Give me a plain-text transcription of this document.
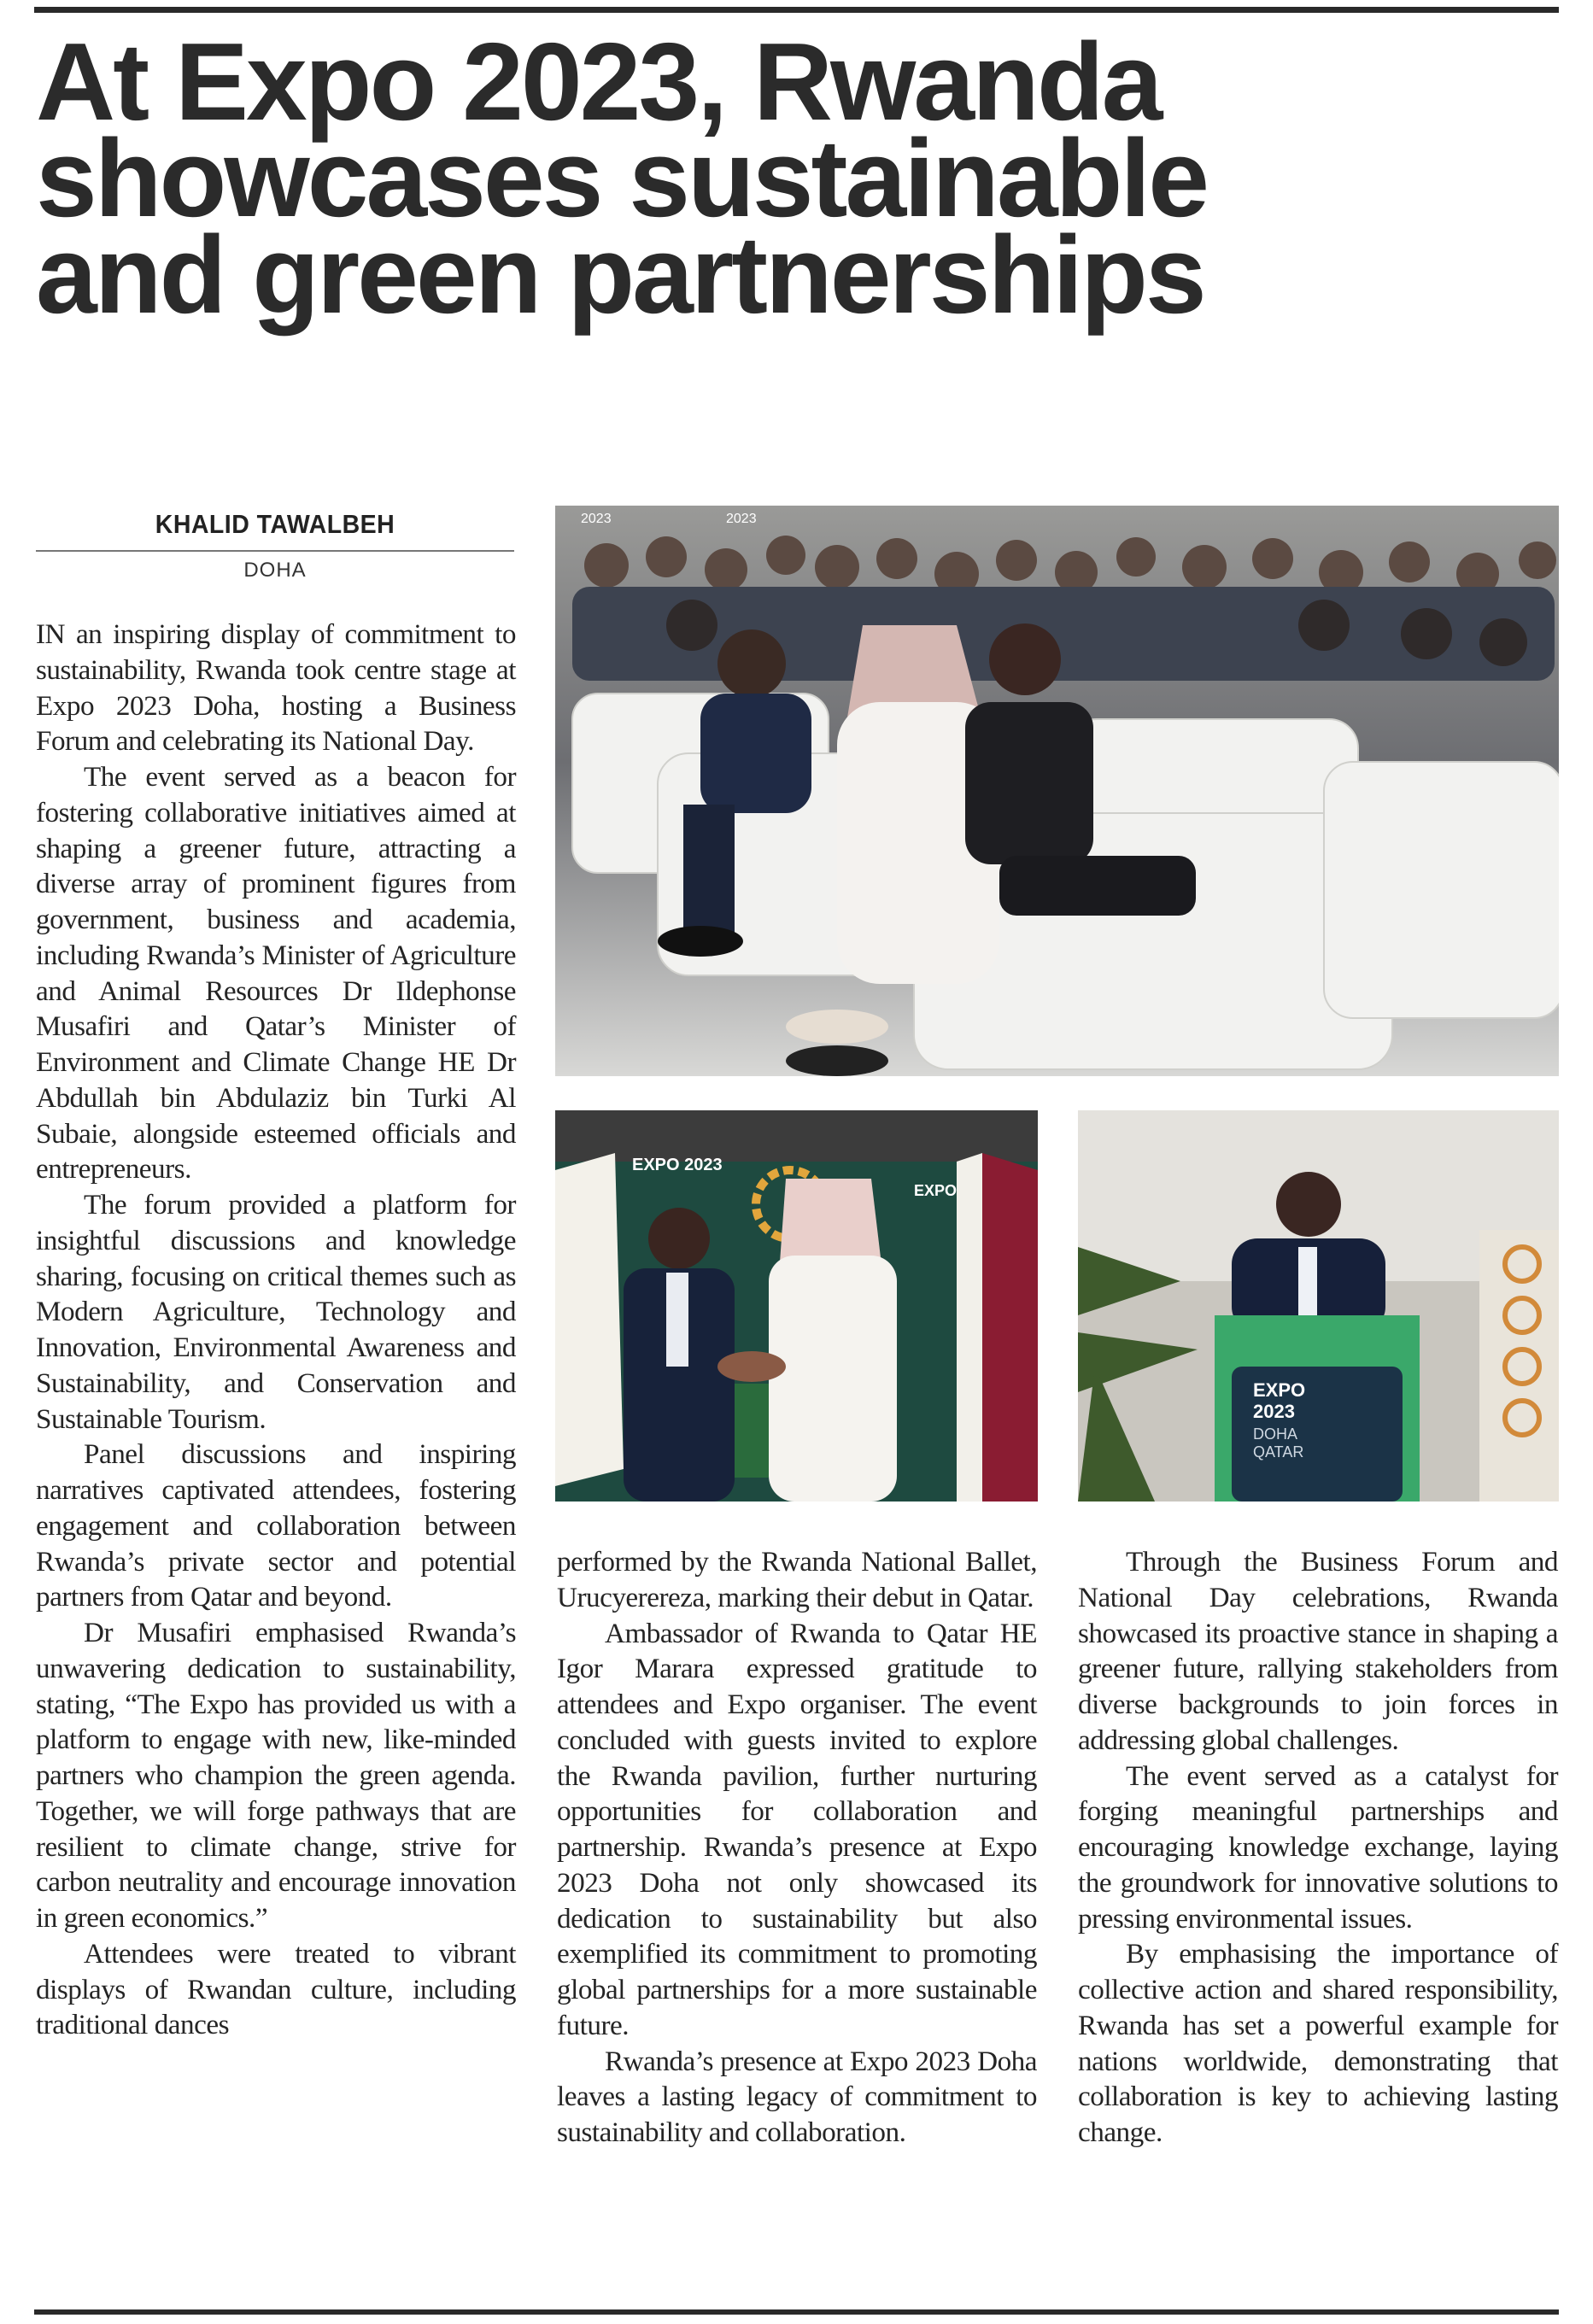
At Expo 2023, Rwanda
showcases sustainable
and green partnerships
KHALID TAWALBEH
DOHA

IN an inspiring display of commitment to sustainability, Rwanda took centre stage at Expo 2023 Doha, hosting a Business Forum and celebrating its National Day.

The event served as a beacon for fostering collaborative initiatives aimed at shaping a greener future, attracting a diverse array of prominent figures from government, business and academia, including Rwanda’s Minister of Agriculture and Animal Resources Dr Ildephonse Musafiri and Qatar’s Minister of Environment and Climate Change HE Dr Abdullah bin Abdulaziz bin Turki Al Subaie, alongside esteemed officials and entrepreneurs.

The forum provided a platform for insightful discussions and knowledge sharing, focusing on critical themes such as Modern Agriculture, Technology and Innovation, Environmental Awareness and Sustainability, and Conservation and Sustainable Tourism.

Panel discussions and inspiring narratives captivated attendees, fostering engagement and collaboration between Rwanda’s private sector and potential partners from Qatar and beyond.

Dr Musafiri emphasised Rwanda’s unwavering dedication to sustainability, stating, “The Expo has provided us with a platform to engage with new, like-minded partners who champion the green agenda. Together, we will forge pathways that are resilient to climate change, strive for carbon neutrality and encourage innovation in green economics.”

Attendees were treated to vibrant displays of Rwandan culture, including traditional dances

2023	2023
EXPO 2023
EXPO
EXPO
2023
DOHA
QATAR

performed by the Rwanda National Ballet, Urucyerereza, marking their debut in Qatar.

Ambassador of Rwanda to Qatar HE Igor Marara expressed gratitude to attendees and Expo organiser. The event concluded with guests invited to explore the Rwanda pavilion, further nurturing opportunities for collaboration and partnership. Rwanda’s presence at Expo 2023 Doha not only showcased its dedication to sustainability but also exemplified its commitment to promoting global partnerships for a more sustainable future.

Rwanda’s presence at Expo 2023 Doha leaves a lasting legacy of commitment to sustainability and collaboration.

Through the Business Forum and National Day celebrations, Rwanda showcased its proactive stance in shaping a greener future, rallying stakeholders from diverse backgrounds to join forces in addressing global challenges.

The event served as a catalyst for forging meaningful partnerships and encouraging knowledge exchange, laying the groundwork for innovative solutions to pressing environmental issues.

By emphasising the importance of collective action and shared responsibility, Rwanda has set a powerful example for nations worldwide, demonstrating that collaboration is key to achieving lasting change.
